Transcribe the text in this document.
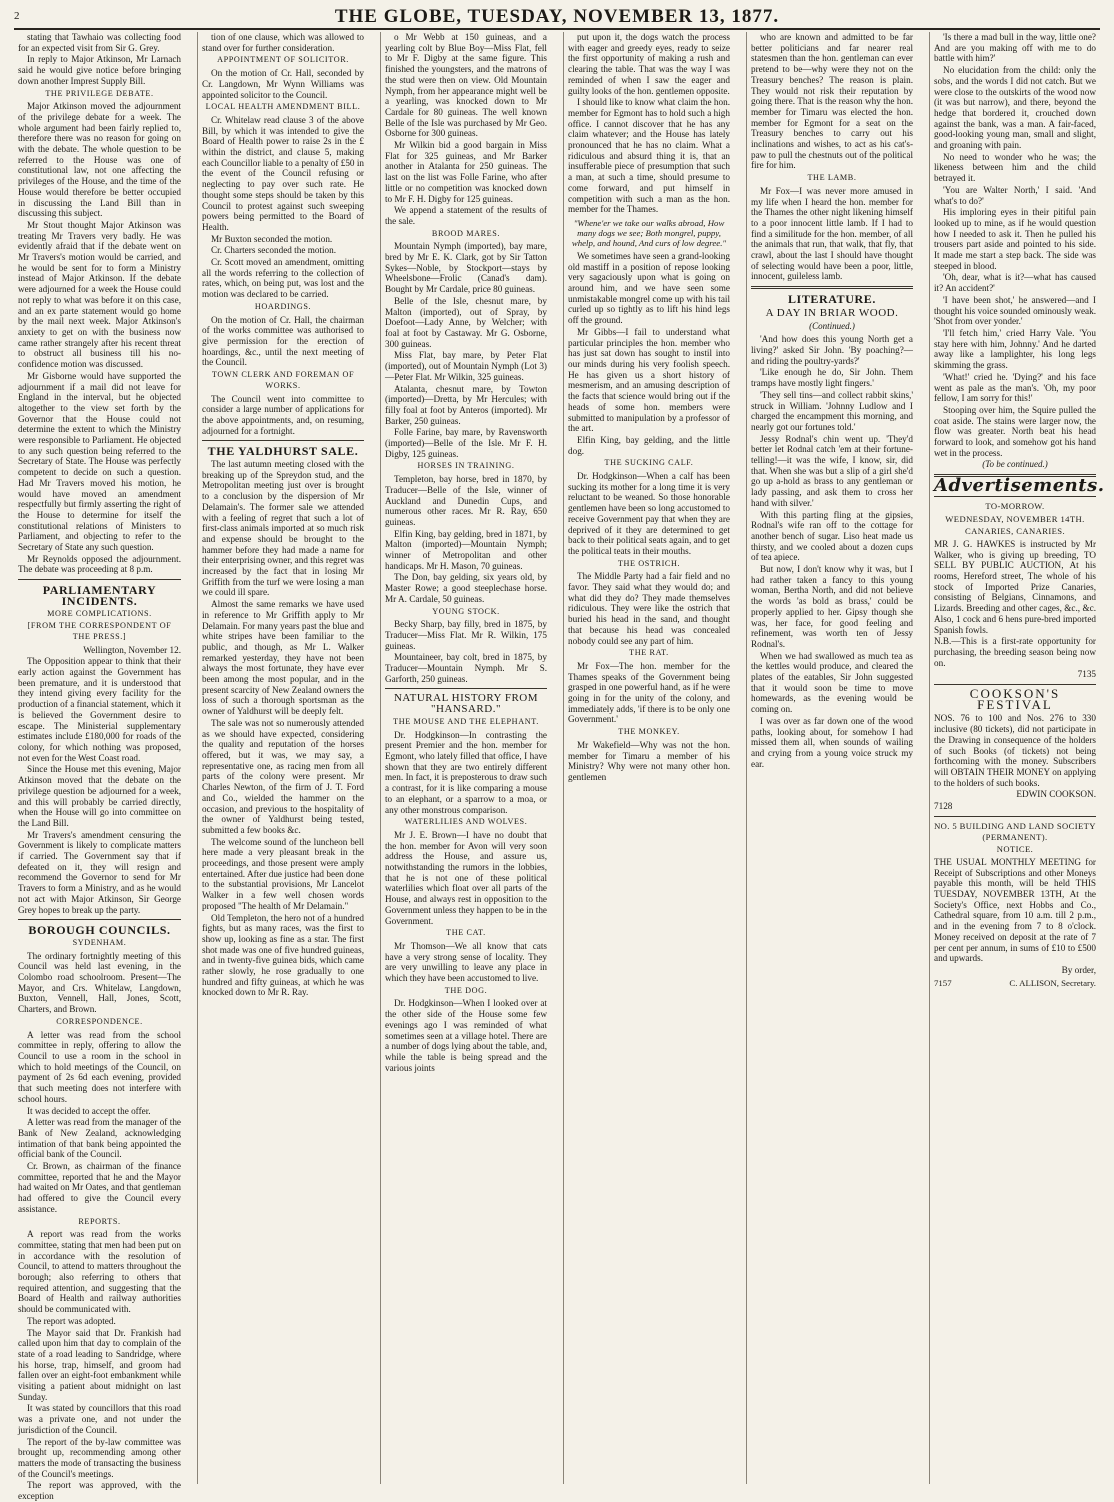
2	THE GLOBE, TUESDAY, NOVEMBER 13, 1877.

stating that Tawhaio was collecting food for an expected visit from Sir G. Grey.

In reply to Major Atkinson, Mr Larnach said he would give notice before bringing down another Imprest Supply Bill.

THE PRIVILEGE DEBATE.

Major Atkinson moved the adjournment of the privilege debate for a week. The whole argument had been fairly replied to, therefore there was no reason for going on with the debate. The whole question to be referred to the House was one of constitutional law, not one affecting the privileges of the House, and the time of the House would therefore be better occupied in discussing the Land Bill than in discussing this subject.

Mr Stout thought Major Atkinson was treating Mr Travers very badly. He was evidently afraid that if the debate went on Mr Travers's motion would be carried, and he would be sent for to form a Ministry instead of Major Atkinson. If the debate were adjourned for a week the House could not reply to what was before it on this case, and an ex parte statement would go home by the mail next week. Major Atkinson's anxiety to get on with the business now came rather strangely after his recent threat to obstruct all business till his no-confidence motion was discussed.

Mr Gisborne would have supported the adjournment if a mail did not leave for England in the interval, but he objected altogether to the view set forth by the Governor that the House could not determine the extent to which the Ministry were responsible to Parliament. He objected to any such question being referred to the Secretary of State. The House was perfectly competent to decide on such a question. Had Mr Travers moved his motion, he would have moved an amendment respectfully but firmly asserting the right of the House to determine for itself the constitutional relations of Ministers to Parliament, and objecting to refer to the Secretary of State any such question.

Mr Reynolds opposed the adjournment. The debate was proceeding at 8 p.m.

PARLIAMENTARY INCIDENTS.
MORE COMPLICATIONS.
[FROM THE CORRESPONDENT OF THE PRESS.]

Wellington, November 12.

The Opposition appear to think that their early action against the Government has been premature, and it is understood that they intend giving every facility for the production of a financial statement, which it is believed the Government desire to escape. The Ministerial supplementary estimates include £180,000 for roads of the colony, for which nothing was proposed, not even for the West Coast road.

Since the House met this evening, Major Atkinson moved that the debate on the privilege question be adjourned for a week, and this will probably be carried directly, when the House will go into committee on the Land Bill.

Mr Travers's amendment censuring the Government is likely to complicate matters if carried. The Government say that if defeated on it, they will resign and recommend the Governor to send for Mr Travers to form a Ministry, and as he would not act with Major Atkinson, Sir George Grey hopes to break up the party.

BOROUGH COUNCILS.
SYDENHAM.

The ordinary fortnightly meeting of this Council was held last evening, in the Colombo road schoolroom. Present—The Mayor, and Crs. Whitelaw, Langdown, Buxton, Vennell, Hall, Jones, Scott, Charters, and Brown.

CORRESPONDENCE.

A letter was read from the school committee in reply, offering to allow the Council to use a room in the school in which to hold meetings of the Council, on payment of 2s 6d each evening, provided that such meeting does not interfere with school hours.

It was decided to accept the offer.

A letter was read from the manager of the Bank of New Zealand, acknowledging intimation of that bank being appointed the official bank of the Council.

Cr. Brown, as chairman of the finance committee, reported that he and the Mayor had waited on Mr Oates, and that gentleman had offered to give the Council every assistance.

REPORTS.

A report was read from the works committee, stating that men had been put on in accordance with the resolution of Council, to attend to matters throughout the borough; also referring to others that required attention, and suggesting that the Board of Health and railway authorities should be communicated with.

The report was adopted.

The Mayor said that Dr. Frankish had called upon him that day to complain of the state of a road leading to Sandridge, where his horse, trap, himself, and groom had fallen over an eight-foot embankment while visiting a patient about midnight on last Sunday.

It was stated by councillors that this road was a private one, and not under the jurisdiction of the Council.

The report of the by-law committee was brought up, recommending among other matters the mode of transacting the business of the Council's meetings.

The report was approved, with the exception

tion of one clause, which was allowed to stand over for further consideration.

APPOINTMENT OF SOLICITOR.

On the motion of Cr. Hall, seconded by Cr. Langdown, Mr Wynn Williams was appointed solicitor to the Council.

LOCAL HEALTH AMENDMENT BILL.

Cr. Whitelaw read clause 3 of the above Bill, by which it was intended to give the Board of Health power to raise 2s in the £ within the district, and clause 5, making each Councillor liable to a penalty of £50 in the event of the Council refusing or neglecting to pay over such rate. He thought some steps should be taken by this Council to protest against such sweeping powers being permitted to the Board of Health.

Mr Buxton seconded the motion.

Cr. Charters seconded the motion.

Cr. Scott moved an amendment, omitting all the words referring to the collection of rates, which, on being put, was lost and the motion was declared to be carried.

HOARDINGS.

On the motion of Cr. Hall, the chairman of the works committee was authorised to give permission for the erection of hoardings, &c., until the next meeting of the Council.

TOWN CLERK AND FOREMAN OF WORKS.

The Council went into committee to consider a large number of applications for the above appointments, and, on resuming, adjourned for a fortnight.

THE YALDHURST SALE.

The last autumn meeting closed with the breaking up of the Spreydon stud, and the Metropolitan meeting just over is brought to a conclusion by the dispersion of Mr Delamain's. The former sale we attended with a feeling of regret that such a lot of first-class animals imported at so much risk and expense should be brought to the hammer before they had made a name for their enterprising owner, and this regret was increased by the fact that in losing Mr Griffith from the turf we were losing a man we could ill spare.

Almost the same remarks we have used in reference to Mr Griffith apply to Mr Delamain. For many years past the blue and white stripes have been familiar to the public, and though, as Mr L. Walker remarked yesterday, they have not been always the most fortunate, they have ever been among the most popular, and in the present scarcity of New Zealand owners the loss of such a thorough sportsman as the owner of Yaldhurst will be deeply felt.

The sale was not so numerously attended as we should have expected, considering the quality and reputation of the horses offered, but it was, we may say, a representative one, as racing men from all parts of the colony were present. Mr Charles Newton, of the firm of J. T. Ford and Co., wielded the hammer on the occasion, and previous to the hospitality of the owner of Yaldhurst being tested, submitted a few books &c.

The welcome sound of the luncheon bell here made a very pleasant break in the proceedings, and those present were amply entertained. After due justice had been done to the substantial provisions, Mr Lancelot Walker in a few well chosen words proposed "The health of Mr Delamain."

Old Templeton, the hero not of a hundred fights, but as many races, was the first to show up, looking as fine as a star. The first shot made was one of five hundred guineas, and in twenty-five guinea bids, which came rather slowly, he rose gradually to one hundred and fifty guineas, at which he was knocked down to Mr R. Ray.

o Mr Webb at 150 guineas, and a yearling colt by Blue Boy—Miss Flat, fell to Mr F. Digby at the same figure. This finished the youngsters, and the matrons of the stud were then on view. Old Mountain Nymph, from her appearance might well be a yearling, was knocked down to Mr Cardale for 80 guineas. The well known Belle of the Isle was purchased by Mr Geo. Osborne for 300 guineas.

Mr Wilkin bid a good bargain in Miss Flat for 325 guineas, and Mr Barker another in Atalanta for 250 guineas. The last on the list was Folle Farine, who after little or no competition was knocked down to Mr F. H. Digby for 125 guineas.

We append a statement of the results of the sale.

BROOD MARES.

Mountain Nymph (imported), bay mare, bred by Mr E. K. Clark, got by Sir Tatton Sykes—Noble, by Stockport—stays by Wheelsbone—Frolic (Canad's dam). Bought by Mr Cardale, price 80 guineas.

Belle of the Isle, chesnut mare, by Malton (imported), out of Spray, by Doefoot—Lady Anne, by Welcher; with foal at foot by Castaway. Mr G. Osborne, 300 guineas.

Miss Flat, bay mare, by Peter Flat (imported), out of Mountain Nymph (Lot 3)—Peter Flat. Mr Wilkin, 325 guineas.

Atalanta, chesnut mare, by Towton (imported)—Dretta, by Mr Hercules; with filly foal at foot by Anteros (imported). Mr Barker, 250 guineas.

Folle Farine, bay mare, by Ravensworth (imported)—Belle of the Isle. Mr F. H. Digby, 125 guineas.

HORSES IN TRAINING.

Templeton, bay horse, bred in 1870, by Traducer—Belle of the Isle, winner of Auckland and Dunedin Cups, and numerous other races. Mr R. Ray, 650 guineas.

Elfin King, bay gelding, bred in 1871, by Malton (imported)—Mountain Nymph; winner of Metropolitan and other handicaps. Mr H. Mason, 70 guineas.

The Don, bay gelding, six years old, by Master Rowe; a good steeplechase horse. Mr A. Cardale, 50 guineas.

YOUNG STOCK.

Becky Sharp, bay filly, bred in 1875, by Traducer—Miss Flat. Mr R. Wilkin, 175 guineas.

Mountaineer, bay colt, bred in 1875, by Traducer—Mountain Nymph. Mr S. Garforth, 250 guineas.

NATURAL HISTORY FROM "HANSARD."
THE MOUSE AND THE ELEPHANT.

Dr. Hodgkinson—In contrasting the present Premier and the hon. member for Egmont, who lately filled that office, I have shown that they are two entirely different men. In fact, it is preposterous to draw such a contrast, for it is like comparing a mouse to an elephant, or a sparrow to a moa, or any other monstrous comparison.

WATERLILIES AND WOLVES.

Mr J. E. Brown—I have no doubt that the hon. member for Avon will very soon address the House, and assure us, notwithstanding the rumors in the lobbies, that he is not one of these political waterlilies which float over all parts of the House, and always rest in opposition to the Government unless they happen to be in the Government.

THE CAT.

Mr Thomson—We all know that cats have a very strong sense of locality. They are very unwilling to leave any place in which they have been accustomed to live.

THE DOG.

Dr. Hodgkinson—When I looked over at the other side of the House some few evenings ago I was reminded of what sometimes seen at a village hotel. There are a number of dogs lying about the table, and, while the table is being spread and the various joints

put upon it, the dogs watch the process with eager and greedy eyes, ready to seize the first opportunity of making a rush and clearing the table. That was the way I was reminded of when I saw the eager and guilty looks of the hon. gentlemen opposite.

I should like to know what claim the hon. member for Egmont has to hold such a high office. I cannot discover that he has any claim whatever; and the House has lately pronounced that he has no claim. What a ridiculous and absurd thing it is, that an insufferable piece of presumption that such a man, at such a time, should presume to come forward, and put himself in competition with such a man as the hon. member for the Thames.

"Whene'er we take our walks abroad, How many dogs we see; Both mongrel, puppy, whelp, and hound, And curs of low degree."

We sometimes have seen a grand-looking old mastiff in a position of repose looking very sagaciously upon what is going on around him, and we have seen some unmistakable mongrel come up with his tail curled up so tightly as to lift his hind legs off the ground.

Mr Gibbs—I fail to understand what particular principles the hon. member who has just sat down has sought to instil into our minds during his very foolish speech. He has given us a short history of mesmerism, and an amusing description of the facts that science would bring out if the heads of some hon. members were submitted to manipulation by a professor of the art.

Elfin King, bay gelding, and the little dog.

THE SUCKING CALF.

Dr. Hodgkinson—When a calf has been sucking its mother for a long time it is very reluctant to be weaned. So those honorable gentlemen have been so long accustomed to receive Government pay that when they are deprived of it they are determined to get back to their political seats again, and to get the political teats in their mouths.

THE OSTRICH.

The Middle Party had a fair field and no favor. They said what they would do; and what did they do? They made themselves ridiculous. They were like the ostrich that buried his head in the sand, and thought that because his head was concealed nobody could see any part of him.

THE RAT.

Mr Fox—The hon. member for the Thames speaks of the Government being grasped in one powerful hand, as if he were going in for the unity of the colony, and immediately adds, 'if there is to be only one Government.'

THE MONKEY.

Mr Wakefield—Why was not the hon. member for Timaru a member of his Ministry? Why were not many other hon. gentlemen

who are known and admitted to be far better politicians and far nearer real statesmen than the hon. gentleman can ever pretend to be—why were they not on the Treasury benches? The reason is plain. They would not risk their reputation by going there. That is the reason why the hon. member for Timaru was elected the hon. member for Egmont for a seat on the Treasury benches to carry out his inclinations and wishes, to act as his cat's-paw to pull the chestnuts out of the political fire for him.

THE LAMB.

Mr Fox—I was never more amused in my life when I heard the hon. member for the Thames the other night likening himself to a poor innocent little lamb. If I had to find a similitude for the hon. member, of all the animals that run, that walk, that fly, that crawl, about the last I should have thought of selecting would have been a poor, little, innocent, guileless lamb.

LITERATURE.
A DAY IN BRIAR WOOD.
(Continued.)

'And how does this young North get a living?' asked Sir John. 'By poaching?—and riding the poultry-yards?'

'Like enough he do, Sir John. Them tramps have mostly light fingers.'

'They sell tins—and collect rabbit skins,' struck in William. 'Johnny Ludlow and I charged the encampment this morning, and nearly got our fortunes told.'

Jessy Rodnal's chin went up. 'They'd better let Rodnal catch 'em at their fortune-telling!—it was the wife, I know, sir, did that. When she was but a slip of a girl she'd go up a-hold as brass to any gentleman or lady passing, and ask them to cross her hand with silver.'

With this parting fling at the gipsies, Rodnal's wife ran off to the cottage for another bench of sugar. Liso heat made us thirsty, and we cooled about a dozen cups of tea apiece.

But now, I don't know why it was, but I had rather taken a fancy to this young woman, Bertha North, and did not believe the words 'as bold as brass,' could be properly applied to her. Gipsy though she was, her face, for good feeling and refinement, was worth ten of Jessy Rodnal's.

When we had swallowed as much tea as the kettles would produce, and cleared the plates of the eatables, Sir John suggested that it would soon be time to move homewards, as the evening would be coming on.

I was over as far down one of the wood paths, looking about, for somehow I had missed them all, when sounds of wailing and crying from a young voice struck my ear.

'Is there a mad bull in the way, little one? And are you making off with me to do battle with him?'

No elucidation from the child: only the sobs, and the words I did not catch. But we were close to the outskirts of the wood now (it was but narrow), and there, beyond the hedge that bordered it, crouched down against the bank, was a man. A fair-faced, good-looking young man, small and slight, and groaning with pain.

No need to wonder who he was; the likeness between him and the child betrayed it.

'You are Walter North,' I said. 'And what's to do?'

His imploring eyes in their pitiful pain looked up to mine, as if he would question how I needed to ask it. Then he pulled his trousers part aside and pointed to his side. It made me start a step back. The side was steeped in blood.

'Oh, dear, what is it?—what has caused it? An accident?'

'I have been shot,' he answered—and I thought his voice sounded ominously weak. 'Shot from over yonder.'

'I'll fetch him,' cried Harry Vale. 'You stay here with him, Johnny.' And he darted away like a lamplighter, his long legs skimming the grass.

'What!' cried he. 'Dying?' and his face went as pale as the man's. 'Oh, my poor fellow, I am sorry for this!'

Stooping over him, the Squire pulled the coat aside. The stains were larger now, the flow was greater. North beat his head forward to look, and somehow got his hand wet in the process.

(To be continued.)
Advertisements.
TO-MORROW.
WEDNESDAY, NOVEMBER 14TH.
CANARIES, CANARIES.

MR J. G. HAWKES is instructed by Mr Walker, who is giving up breeding, TO SELL BY PUBLIC AUCTION, At his rooms, Hereford street, The whole of his stock of Imported Prize Canaries, consisting of Belgians, Cinnamons, and Lizards. Breeding and other cages, &c., &c. Also, 1 cock and 6 hens pure-bred imported Spanish fowls.

N.B.—This is a first-rate opportunity for purchasing, the breeding season being now on.

7135

COOKSON'S FESTIVAL

NOS. 76 to 100 and Nos. 276 to 330 inclusive (80 tickets), did not participate in the Drawing in consequence of the holders of such Books (of tickets) not being forthcoming with the money. Subscribers will OBTAIN THEIR MONEY on applying to the holders of such books.

EDWIN COOKSON.

7128

NO. 5 BUILDING AND LAND SOCIETY (PERMANENT).
NOTICE.

THE USUAL MONTHLY MEETING for Receipt of Subscriptions and other Moneys payable this month, will be held THIS TUESDAY, NOVEMBER 13TH, At the Society's Office, next Hobbs and Co., Cathedral square, from 10 a.m. till 2 p.m., and in the evening from 7 to 8 o'clock. Money received on deposit at the rate of 7 per cent per annum, in sums of £10 to £500 and upwards.

By order,

7157	C. ALLISON, Secretary.
